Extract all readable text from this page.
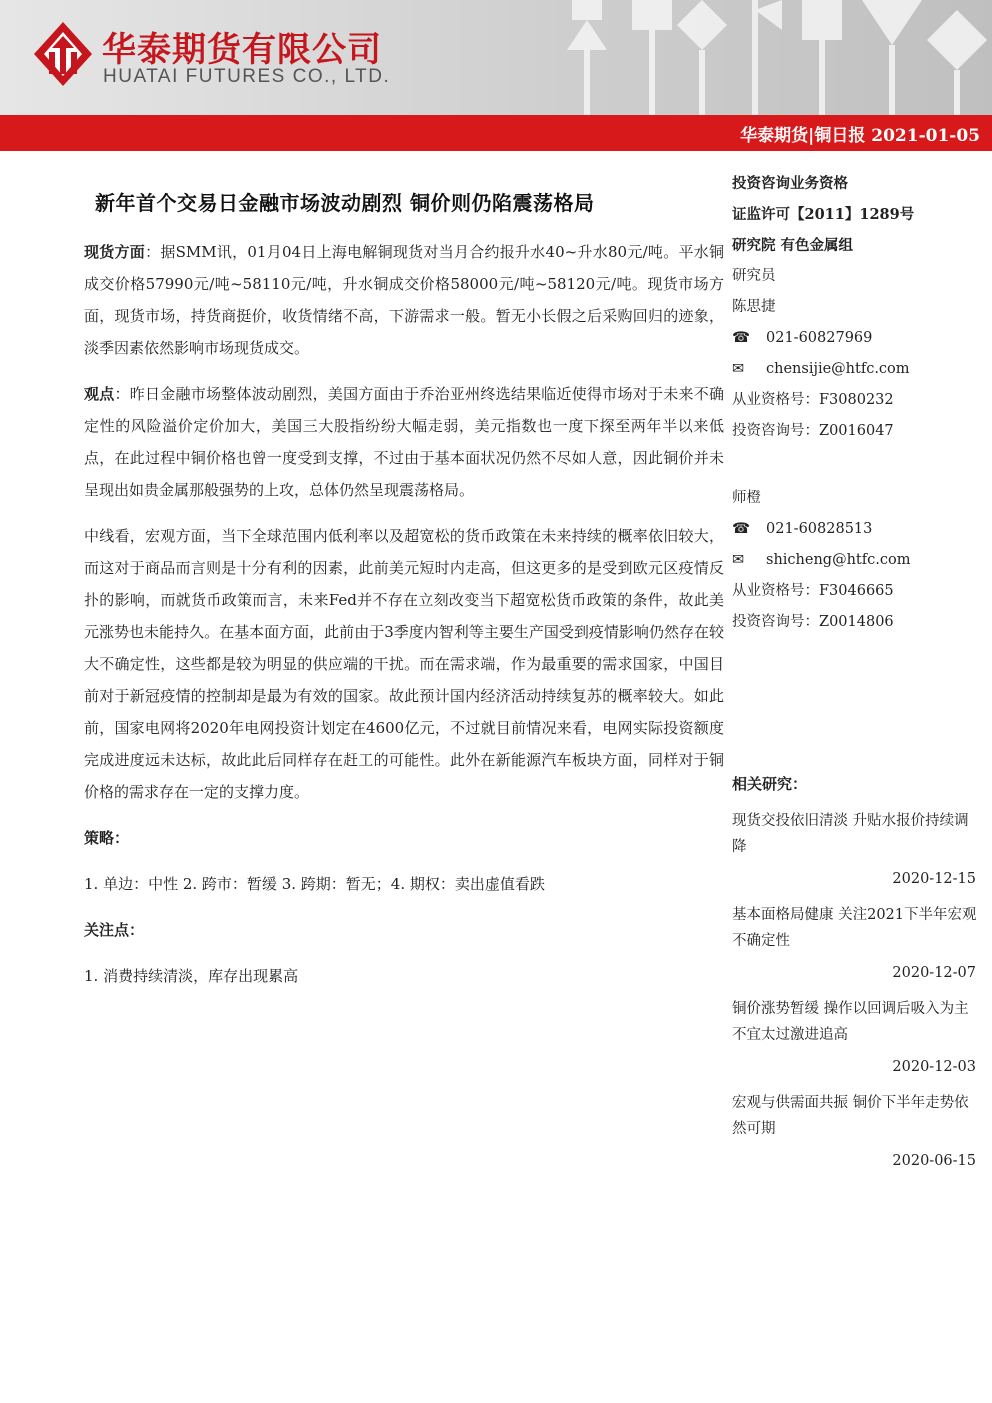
华泰期货有限公司
HUATAI FUTURES CO., LTD.
华泰期货|铜日报 2021-01-05
新年首个交易日金融市场波动剧烈 铜价则仍陷震荡格局

现货方面：据SMM讯，01月04日上海电解铜现货对当月合约报升水40~升水80元/吨。平水铜成交价格57990元/吨~58110元/吨，升水铜成交价格58000元/吨~58120元/吨。现货市场方面，现货市场，持货商挺价，收货情绪不高，下游需求一般。暂无小长假之后采购回归的迹象，淡季因素依然影响市场现货成交。

观点：昨日金融市场整体波动剧烈，美国方面由于乔治亚州终选结果临近使得市场对于未来不确定性的风险溢价定价加大，美国三大股指纷纷大幅走弱，美元指数也一度下探至两年半以来低点，在此过程中铜价格也曾一度受到支撑，不过由于基本面状况仍然不尽如人意，因此铜价并未呈现出如贵金属那般强势的上攻，总体仍然呈现震荡格局。

中线看，宏观方面，当下全球范围内低利率以及超宽松的货币政策在未来持续的概率依旧较大，而这对于商品而言则是十分有利的因素，此前美元短时内走高，但这更多的是受到欧元区疫情反扑的影响，而就货币政策而言，未来Fed并不存在立刻改变当下超宽松货币政策的条件，故此美元涨势也未能持久。在基本面方面，此前由于3季度内智利等主要生产国受到疫情影响仍然存在较大不确定性，这些都是较为明显的供应端的干扰。而在需求端，作为最重要的需求国家，中国目前对于新冠疫情的控制却是最为有效的国家。故此预计国内经济活动持续复苏的概率较大。如此前，国家电网将2020年电网投资计划定在4600亿元，不过就目前情况来看，电网实际投资额度完成进度远未达标，故此此后同样存在赶工的可能性。此外在新能源汽车板块方面，同样对于铜价格的需求存在一定的支撑力度。

策略：

1. 单边：中性 2. 跨市：暂缓 3. 跨期：暂无；4. 期权：卖出虚值看跌

关注点：

1. 消费持续清淡，库存出现累高

投资咨询业务资格
证监许可【2011】1289号
研究院 有色金属组
研究员
陈思捷
☎ 021-60827969
✉ chensijie@htfc.com
从业资格号：F3080232
投资咨询号：Z0016047
师橙
☎ 021-60828513
✉ shicheng@htfc.com
从业资格号：F3046665
投资咨询号：Z0014806
相关研究：

现货交投依旧清淡 升贴水报价持续调降

2020-12-15

基本面格局健康 关注2021下半年宏观不确定性

2020-12-07

铜价涨势暂缓 操作以回调后吸入为主不宜太过激进追高

2020-12-03

宏观与供需面共振 铜价下半年走势依然可期

2020-06-15
